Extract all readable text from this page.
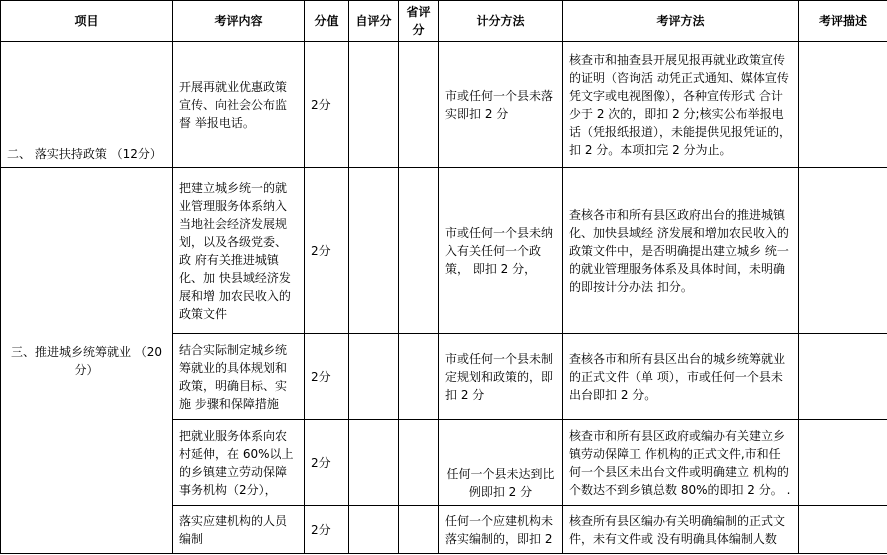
项目	考评内容	分值	自评分	省评分	计分方法	考评方法	考评描述
二、 落实扶持政策 （12分）	开展再就业优惠政策宣传、向社会公布监督 举报电话。	2分			市或任何一个县未落实即扣 2 分	核查市和抽查县开展见报再就业政策宣传的证明（咨询活 动凭正式通知、媒体宣传凭文字或电视图像），各种宣传形式 合计少于 2 次的，即扣 2 分;核实公布举报电话（凭报纸报道），未能提供见报凭证的，扣 2 分。本项扣完 2 分为止。	
三、推进城乡统筹就业 （20分）	把建立城乡统一的就业管理服务体系纳入当地社会经济发展规划，以及各级党委、政 府有关推进城镇化、加 快县域经济发展和增 加农民收入的政策文件	2分			市或任何一个县未纳入有关任何一个政策， 即扣 2 分，	查核各市和所有县区政府出台的推进城镇化、加快县域经 济发展和增加农民收入的政策文件中，是否明确提出建立城乡 统一的就业管理服务体系及具体时间，未明确的即按计分办法 扣分。	
	结合实际制定城乡统筹就业的具体规划和政策，明确目标、实施 步骤和保障措施	2分			市或任何一个县未制定规划和政策的，即扣 2 分	查核各市和所有县区出台的城乡统筹就业的正式文件（单 项），市或任何一个县未出台即扣 2 分。	
	把就业服务体系向农村延伸，在 60%以上的乡镇建立劳动保障事务机构（2分），	2分			任何一个县未达到比例即扣 2 分	核查市和所有县区政府或编办有关建立乡镇劳动保障工 作机构的正式文件,市和任何一个县区未出台文件或明确建立 机构的个数达不到乡镇总数 80%的即扣 2 分。 .	
	落实应建机构的人员编制	2分			任何一个应建机构未落实编制的，即扣 2	核查所有县区编办有关明确编制的正式文件，未有文件或 没有明确具体编制人数	
